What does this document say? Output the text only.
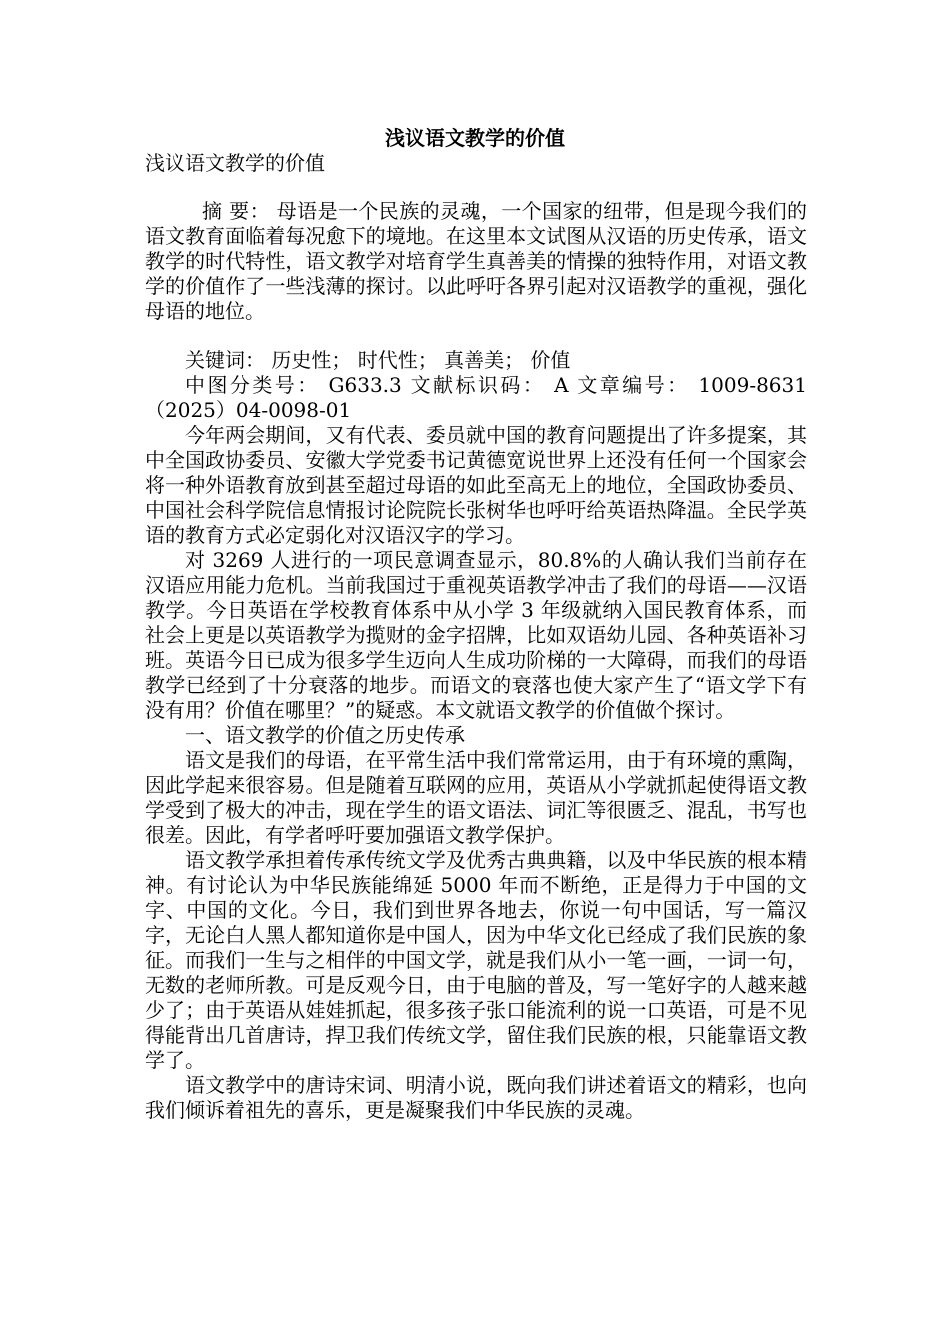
浅议语文教学的价值
浅议语文教学的价值

摘 要： 母语是一个民族的灵魂，一个国家的纽带，但是现今我们的语文教育面临着每况愈下的境地。在这里本文试图从汉语的历史传承，语文教学的时代特性，语文教学对培育学生真善美的情操的独特作用，对语文教学的价值作了一些浅薄的探讨。以此呼吁各界引起对汉语教学的重视，强化母语的地位。

关键词： 历史性； 时代性； 真善美； 价值

中图分类号： G633.3 文献标识码： A 文章编号： 1009-8631（2025）04-0098-01

今年两会期间，又有代表、委员就中国的教育问题提出了许多提案，其中全国政协委员、安徽大学党委书记黄德宽说世界上还没有任何一个国家会将一种外语教育放到甚至超过母语的如此至高无上的地位，全国政协委员、中国社会科学院信息情报讨论院院长张树华也呼吁给英语热降温。全民学英语的教育方式必定弱化对汉语汉字的学习。

对 3269 人进行的一项民意调查显示，80.8%的人确认我们当前存在汉语应用能力危机。当前我国过于重视英语教学冲击了我们的母语——汉语教学。今日英语在学校教育体系中从小学 3 年级就纳入国民教育体系，而社会上更是以英语教学为揽财的金字招牌，比如双语幼儿园、各种英语补习班。英语今日已成为很多学生迈向人生成功阶梯的一大障碍，而我们的母语教学已经到了十分衰落的地步。而语文的衰落也使大家产生了“语文学下有没有用？价值在哪里？”的疑惑。本文就语文教学的价值做个探讨。

一、语文教学的价值之历史传承

语文是我们的母语，在平常生活中我们常常运用，由于有环境的熏陶，因此学起来很容易。但是随着互联网的应用，英语从小学就抓起使得语文教学受到了极大的冲击，现在学生的语文语法、词汇等很匮乏、混乱，书写也很差。因此，有学者呼吁要加强语文教学保护。

语文教学承担着传承传统文学及优秀古典典籍，以及中华民族的根本精神。有讨论认为中华民族能绵延 5000 年而不断绝，正是得力于中国的文字、中国的文化。今日，我们到世界各地去，你说一句中国话，写一篇汉字，无论白人黑人都知道你是中国人，因为中华文化已经成了我们民族的象征。而我们一生与之相伴的中国文学，就是我们从小一笔一画，一词一句，无数的老师所教。可是反观今日，由于电脑的普及，写一笔好字的人越来越少了；由于英语从娃娃抓起，很多孩子张口能流利的说一口英语，可是不见得能背出几首唐诗，捍卫我们传统文学，留住我们民族的根，只能靠语文教学了。

语文教学中的唐诗宋词、明清小说，既向我们讲述着语文的精彩，也向我们倾诉着祖先的喜乐，更是凝聚我们中华民族的灵魂。
